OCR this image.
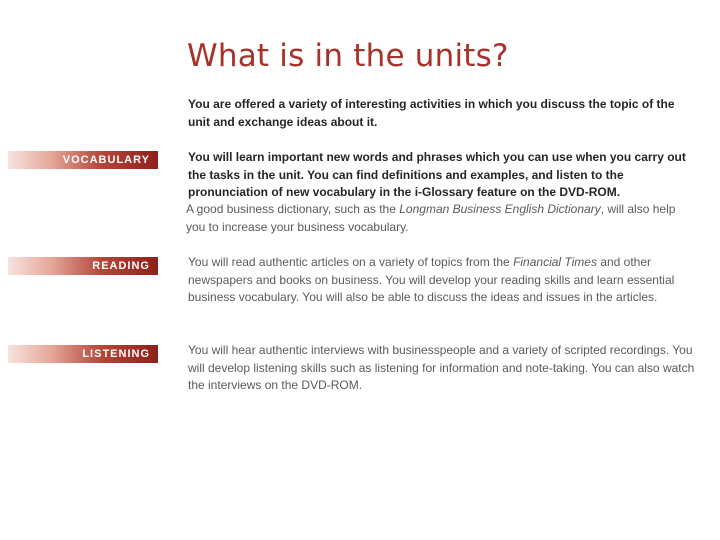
What is in the units?

You are offered a variety of interesting activities in which you discuss the topic of the unit and exchange ideas about it.

VOCABULARY	You will learn important new words and phrases which you can use when you carry out the tasks in the unit. You can find definitions and examples, and listen to the pronunciation of new vocabulary in the i-Glossary feature on the DVD-ROM.

A good business dictionary, such as the Longman Business English Dictionary, will also help you to increase your business vocabulary.

READING	You will read authentic articles on a variety of topics from the Financial Times and other newspapers and books on business. You will develop your reading skills and learn essential business vocabulary. You will also be able to discuss the ideas and issues in the articles.

LISTENING	You will hear authentic interviews with businesspeople and a variety of scripted recordings. You will develop listening skills such as listening for information and note-taking. You can also watch the interviews on the DVD-ROM.
